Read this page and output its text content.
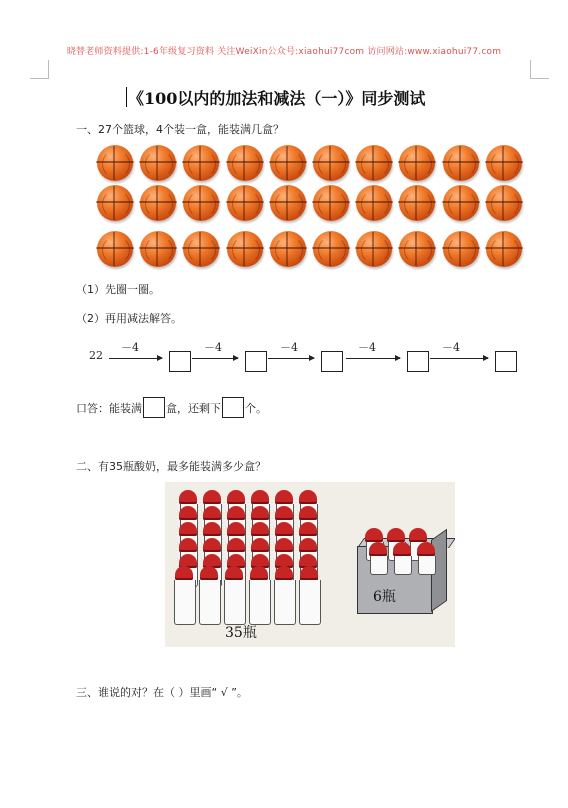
晓替老师资料提供:1-6年级复习资料 关注WeiXin公众号:xiaohui77com 访问网站:www.xiaohui77.com
《100以内的加法和减法（一）》同步测试
一、27个篮球，4个装一盒，能装满几盒？
（1）先圈一圈。
（2）再用减法解答。
22
－4	－4	－4	－4	－4
口答：能装满 盒，还剩下 个。
二、有35瓶酸奶，最多能装满多少盒？
6瓶
35瓶
三、谁说的对？在（ ）里画“ √ ”。
